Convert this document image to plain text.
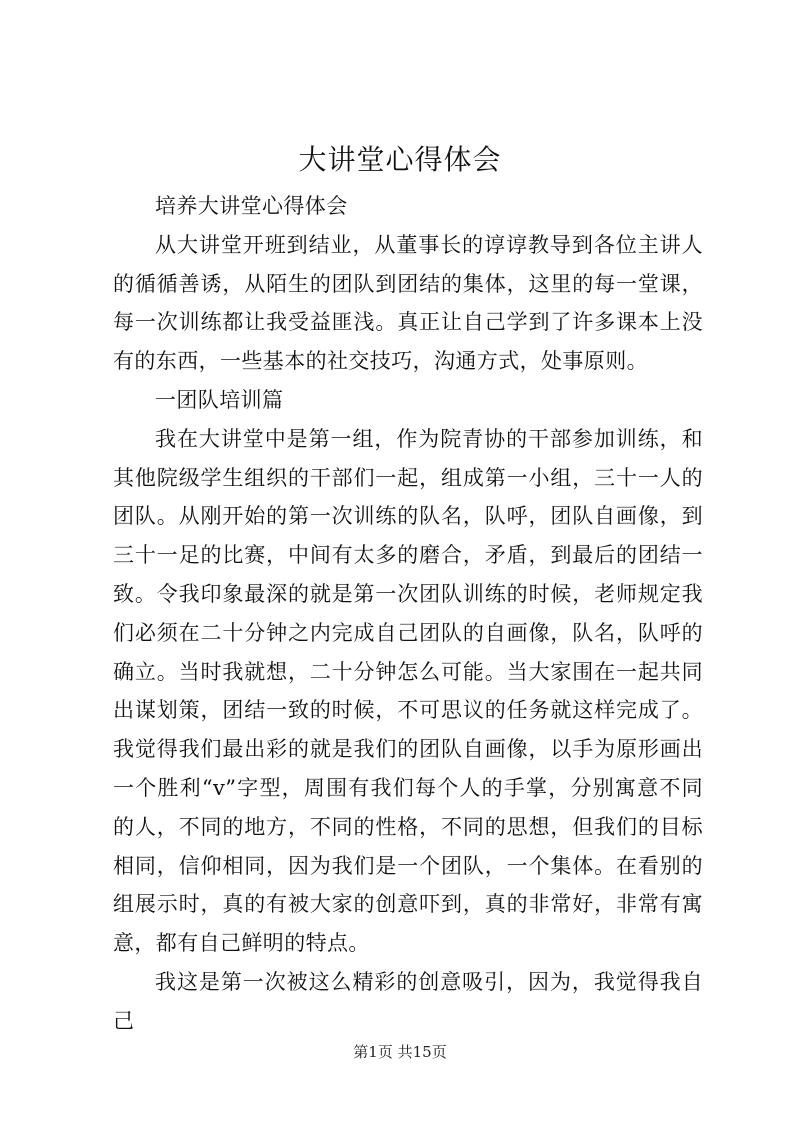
大讲堂心得体会

培养大讲堂心得体会

从大讲堂开班到结业，从董事长的谆谆教导到各位主讲人的循循善诱，从陌生的团队到团结的集体，这里的每一堂课，每一次训练都让我受益匪浅。真正让自己学到了许多课本上没有的东西，一些基本的社交技巧，沟通方式，处事原则。

一团队培训篇

我在大讲堂中是第一组，作为院青协的干部参加训练，和其他院级学生组织的干部们一起，组成第一小组，三十一人的团队。从刚开始的第一次训练的队名，队呼，团队自画像，到三十一足的比赛，中间有太多的磨合，矛盾，到最后的团结一致。令我印象最深的就是第一次团队训练的时候，老师规定我们必须在二十分钟之内完成自己团队的自画像，队名，队呼的确立。当时我就想，二十分钟怎么可能。当大家围在一起共同出谋划策，团结一致的时候，不可思议的任务就这样完成了。我觉得我们最出彩的就是我们的团队自画像，以手为原形画出一个胜利“v”字型，周围有我们每个人的手掌，分别寓意不同的人，不同的地方，不同的性格，不同的思想，但我们的目标相同，信仰相同，因为我们是一个团队，一个集体。在看别的组展示时，真的有被大家的创意吓到，真的非常好，非常有寓意，都有自己鲜明的特点。

我这是第一次被这么精彩的创意吸引，因为，我觉得我自己

第1页 共15页
